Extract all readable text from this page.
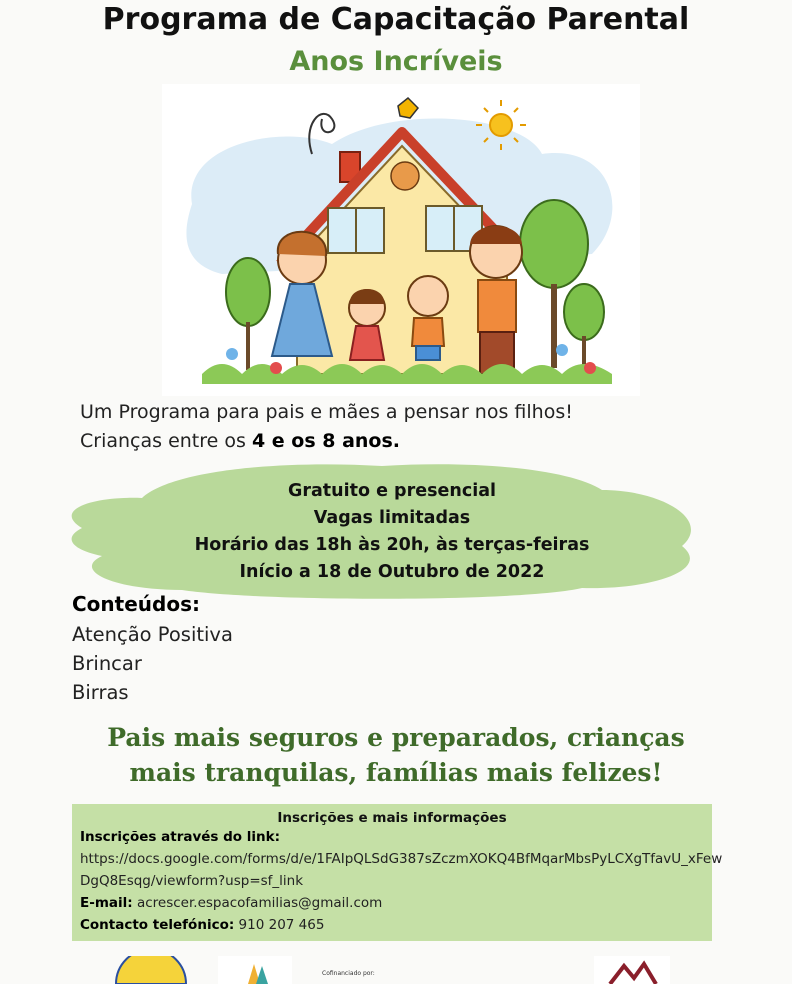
Programa de Capacitação Parental
Anos Incríveis
Um Programa para pais e mães a pensar nos filhos!
Crianças entre os 4 e os 8 anos.
Gratuito e presencial
Vagas limitadas
Horário das 18h às 20h, às terças-feiras
Início a 18 de Outubro de 2022
Conteúdos:
Atenção Positiva
Brincar
Birras
Pais mais seguros e preparados, crianças
mais tranquilas, famílias mais felizes!
Inscrições e mais informações
Inscrições através do link:
https://docs.google.com/forms/d/e/1FAIpQLSdG387sZczmXOKQ4BfMqarMbsPyLCXgTfavU_xFew
DgQ8Esqg/viewform?usp=sf_link
E-mail: acrescer.espacofamilias@gmail.com
Contacto telefónico: 910 207 465
Cofinanciado por:
